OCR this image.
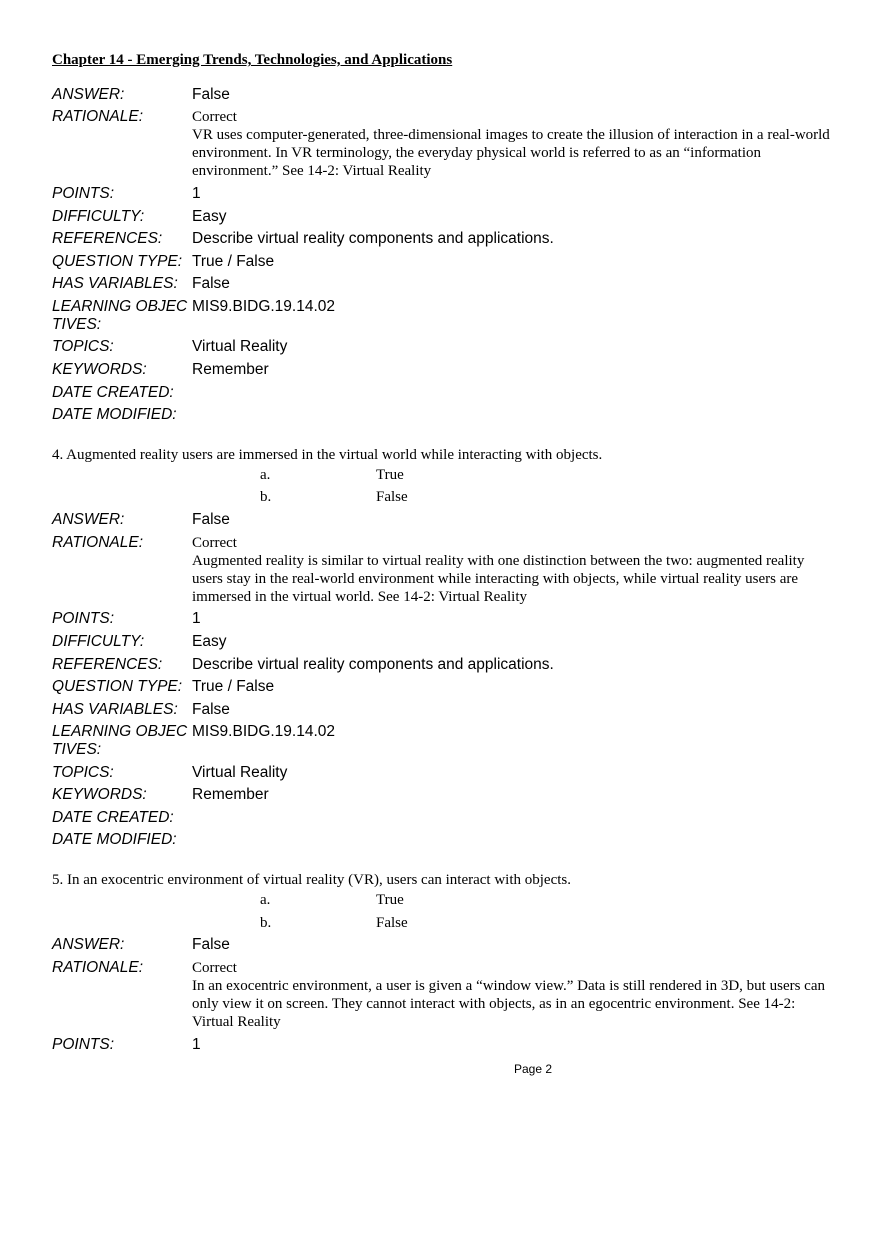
Chapter 14 - Emerging Trends, Technologies, and Applications
ANSWER:	False
RATIONALE:	Correct
VR uses computer-generated, three-dimensional images to create the illusion of interaction in a real-world environment. In VR terminology, the everyday physical world is referred to as an “information environment.” See 14-2: Virtual Reality
POINTS:	1
DIFFICULTY:	Easy
REFERENCES:	Describe virtual reality components and applications.
QUESTION TYPE: True / False
HAS VARIABLES: False
LEARNING OBJECTIVES:
MIS9.BIDG.19.14.02
TOPICS:	Virtual Reality
KEYWORDS:	Remember
DATE CREATED:
DATE MODIFIED:
4. Augmented reality users are immersed in the virtual world while interacting with objects.
a.	True
b.	False
ANSWER:	False
RATIONALE:	Correct
Augmented reality is similar to virtual reality with one distinction between the two: augmented reality users stay in the real-world environment while interacting with objects, while virtual reality users are immersed in the virtual world. See 14-2: Virtual Reality
POINTS:	1
DIFFICULTY:	Easy
REFERENCES:	Describe virtual reality components and applications.
QUESTION TYPE: True / False
HAS VARIABLES: False
LEARNING OBJECTIVES:
MIS9.BIDG.19.14.02
TOPICS:	Virtual Reality
KEYWORDS:	Remember
DATE CREATED:
DATE MODIFIED:
5. In an exocentric environment of virtual reality (VR), users can interact with objects.
a.	True
b.	False
ANSWER:	False
RATIONALE:	Correct
In an exocentric environment, a user is given a “window view.” Data is still rendered in 3D, but users can only view it on screen. They cannot interact with objects, as in an egocentric environment. See 14-2: Virtual Reality
POINTS:	1
Page 2
